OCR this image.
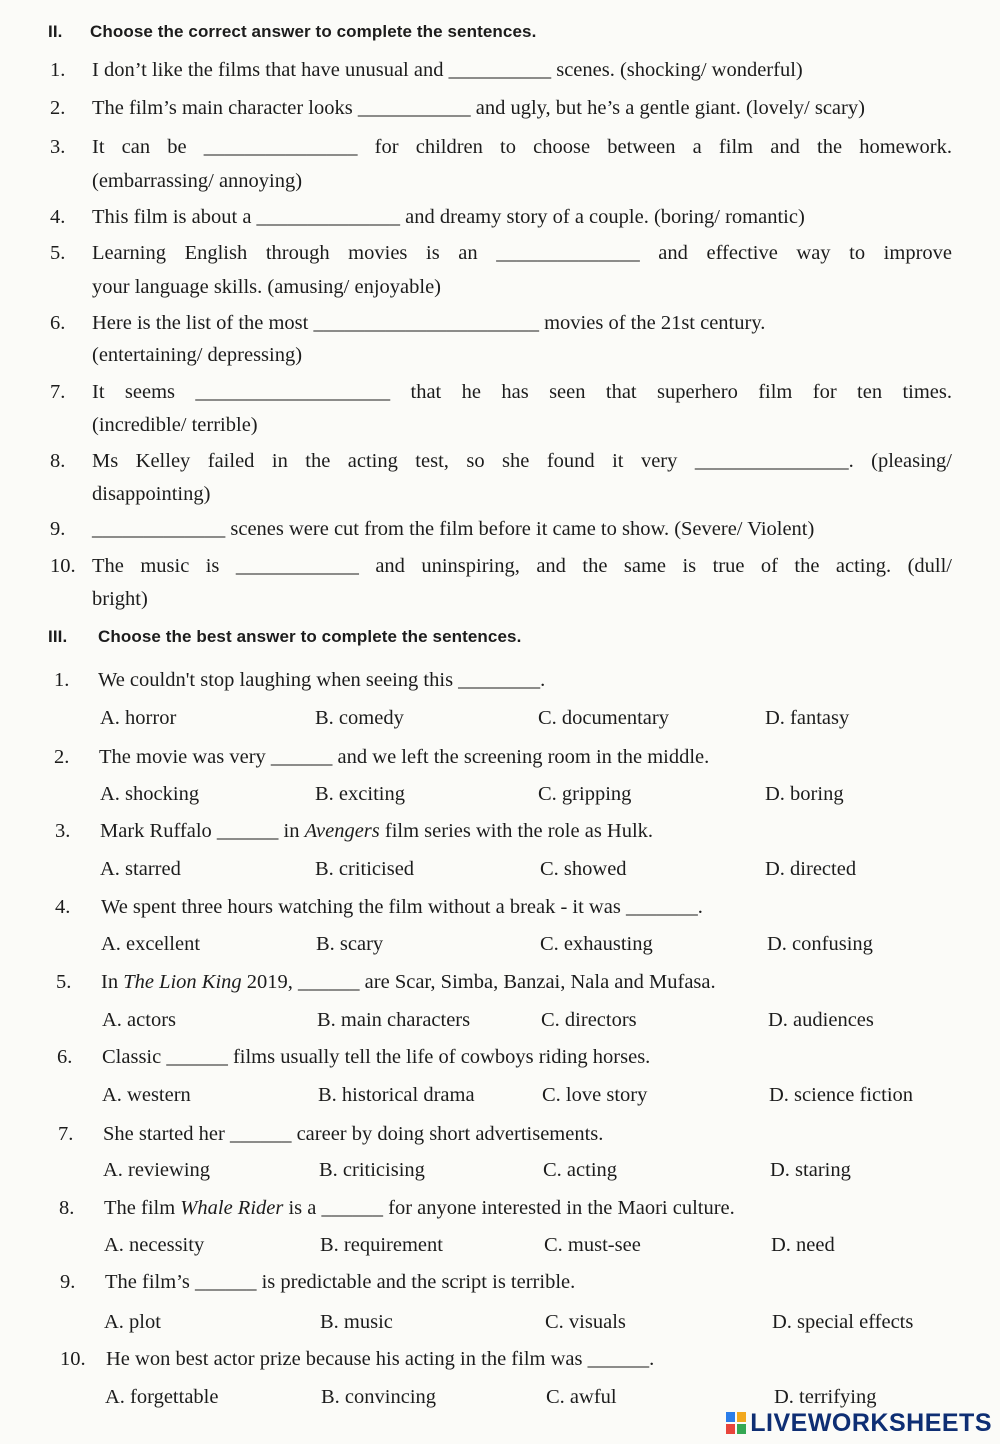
II. Choose the correct answer to complete the sentences.
1.	I don’t like the films that have unusual and __________ scenes. (shocking/ wonderful)
2.	The film’s main character looks ___________ and ugly, but he’s a gentle giant. (lovely/ scary)
3.	It can be _______________ for children to choose between a film and the homework.
(embarrassing/ annoying)
4.	This film is about a ______________ and dreamy story of a couple. (boring/ romantic)
5.	Learning English through movies is an ______________ and effective way to improve
your language skills. (amusing/ enjoyable)
6.	Here is the list of the most ______________________ movies of the 21st century.
(entertaining/ depressing)
7.	It seems ___________________ that he has seen that superhero film for ten times.
(incredible/ terrible)
8.	Ms Kelley failed in the acting test, so she found it very _______________. (pleasing/
disappointing)
9.	_____________ scenes were cut from the film before it came to show. (Severe/ Violent)
10. The music is ____________ and uninspiring, and the same is true of the acting. (dull/
bright)
III. Choose the best answer to complete the sentences.
1.	We couldn't stop laughing when seeing this ________.
A. horror	B. comedy	C. documentary	D. fantasy
2.	The movie was very ______ and we left the screening room in the middle.
A. shocking	B. exciting	C. gripping	D. boring
3.	Mark Ruffalo ______ in Avengers film series with the role as Hulk.
A. starred	B. criticised	C. showed	D. directed
4.	We spent three hours watching the film without a break - it was _______.
A. excellent	B. scary	C. exhausting	D. confusing
5.	In The Lion King 2019, ______ are Scar, Simba, Banzai, Nala and Mufasa.
A. actors	B. main characters	C. directors	D. audiences
6.	Classic ______ films usually tell the life of cowboys riding horses.
A. western	B. historical drama	C. love story	D. science fiction
7.	She started her ______ career by doing short advertisements.
A. reviewing	B. criticising	C. acting	D. staring
8.	The film Whale Rider is a ______ for anyone interested in the Maori culture.
A. necessity	B. requirement	C. must-see	D. need
9.	The film’s ______ is predictable and the script is terrible.
A. plot	B. music	C. visuals	D. special effects
10. He won best actor prize because his acting in the film was ______.
A. forgettable	B. convincing	C. awful	D. terrifying
LIVEWORKSHEETS
